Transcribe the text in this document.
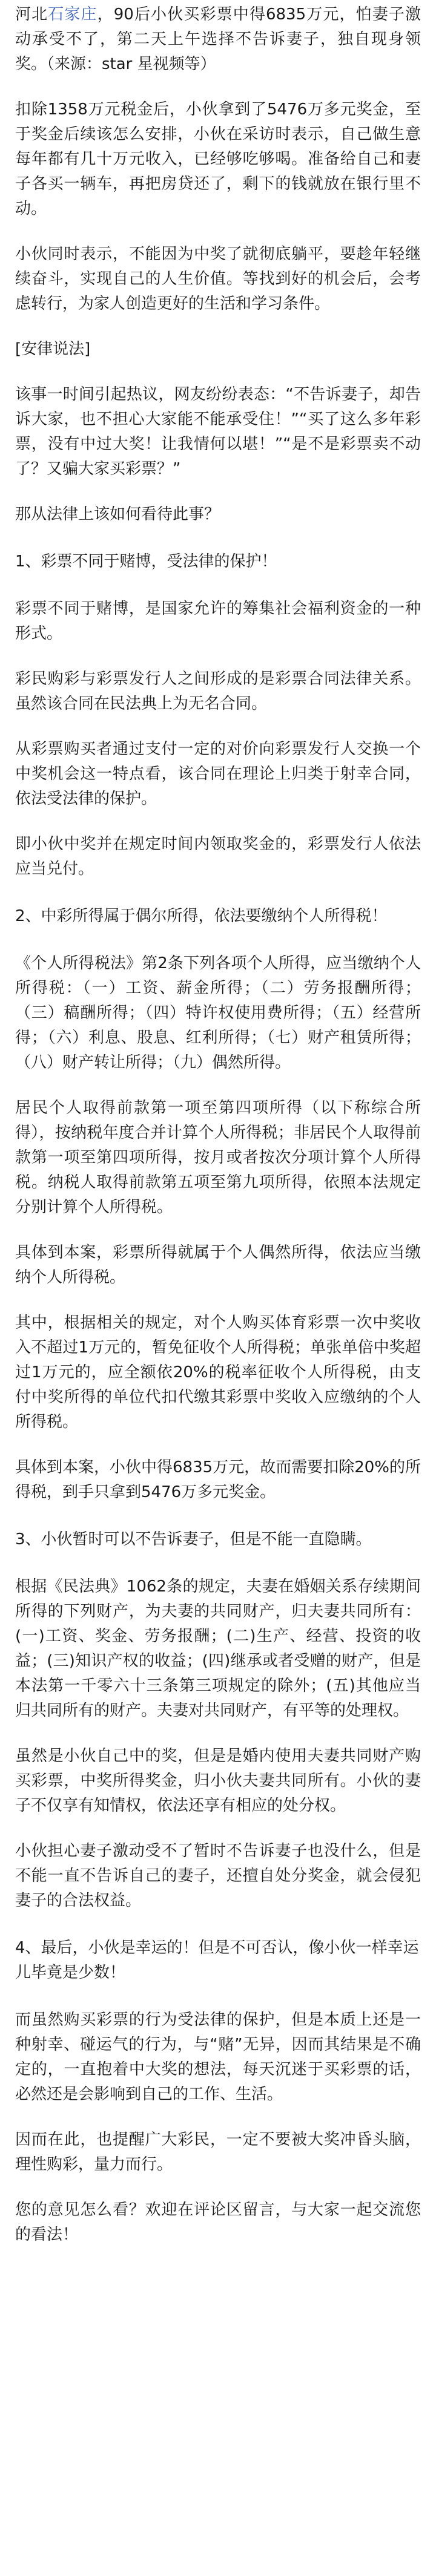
河北石家庄，90后小伙买彩票中得6835万元，怕妻子激动承受不了，第二天上午选择不告诉妻子，独自现身领奖。（来源：star 星视频等）

扣除1358万元税金后，小伙拿到了5476万多元奖金，至于奖金后续该怎么安排，小伙在采访时表示，自己做生意每年都有几十万元收入，已经够吃够喝。准备给自己和妻子各买一辆车，再把房贷还了，剩下的钱就放在银行里不动。

小伙同时表示，不能因为中奖了就彻底躺平，要趁年轻继续奋斗，实现自己的人生价值。等找到好的机会后，会考虑转行，为家人创造更好的生活和学习条件。

[安律说法]

该事一时间引起热议，网友纷纷表态：“不告诉妻子，却告诉大家，也不担心大家能不能承受住！”“买了这么多年彩票，没有中过大奖！让我情何以堪！”“是不是彩票卖不动了？又骗大家买彩票？”

那从法律上该如何看待此事？

1、彩票不同于赌博，受法律的保护！

彩票不同于赌博，是国家允许的筹集社会福利资金的一种形式。

彩民购彩与彩票发行人之间形成的是彩票合同法律关系。虽然该合同在民法典上为无名合同。

从彩票购买者通过支付一定的对价向彩票发行人交换一个中奖机会这一特点看，该合同在理论上归类于射幸合同，依法受法律的保护。

即小伙中奖并在规定时间内领取奖金的，彩票发行人依法应当兑付。

2、中彩所得属于偶尔所得，依法要缴纳个人所得税！

《个人所得税法》第2条下列各项个人所得，应当缴纳个人所得税：（一）工资、薪金所得；（二）劳务报酬所得；（三）稿酬所得；（四）特许权使用费所得；（五）经营所得；（六）利息、股息、红利所得；（七）财产租赁所得；（八）财产转让所得；（九）偶然所得。

居民个人取得前款第一项至第四项所得（以下称综合所得），按纳税年度合并计算个人所得税；非居民个人取得前款第一项至第四项所得，按月或者按次分项计算个人所得税。纳税人取得前款第五项至第九项所得，依照本法规定分别计算个人所得税。

具体到本案，彩票所得就属于个人偶然所得，依法应当缴纳个人所得税。

其中，根据相关的规定，对个人购买体育彩票一次中奖收入不超过1万元的，暂免征收个人所得税；单张单倍中奖超过1万元的，应全额依20%的税率征收个人所得税，由支付中奖所得的单位代扣代缴其彩票中奖收入应缴纳的个人所得税。

具体到本案，小伙中得6835万元，故而需要扣除20%的所得税，到手只拿到5476万多元奖金。

3、小伙暂时可以不告诉妻子，但是不能一直隐瞒。

根据《民法典》1062条的规定，夫妻在婚姻关系存续期间所得的下列财产，为夫妻的共同财产，归夫妻共同所有：(一)工资、奖金、劳务报酬；(二)生产、经营、投资的收益；(三)知识产权的收益；(四)继承或者受赠的财产，但是本法第一千零六十三条第三项规定的除外；(五)其他应当归共同所有的财产。夫妻对共同财产，有平等的处理权。

虽然是小伙自己中的奖，但是是婚内使用夫妻共同财产购买彩票，中奖所得奖金，归小伙夫妻共同所有。小伙的妻子不仅享有知情权，依法还享有相应的处分权。

小伙担心妻子激动受不了暂时不告诉妻子也没什么，但是不能一直不告诉自己的妻子，还擅自处分奖金，就会侵犯妻子的合法权益。

4、最后，小伙是幸运的！但是不可否认，像小伙一样幸运儿毕竟是少数！

而虽然购买彩票的行为受法律的保护，但是本质上还是一种射幸、碰运气的行为，与“赌”无异，因而其结果是不确定的，一直抱着中大奖的想法，每天沉迷于买彩票的话，必然还是会影响到自己的工作、生活。

因而在此，也提醒广大彩民，一定不要被大奖冲昏头脑，理性购彩，量力而行。

您的意见怎么看？欢迎在评论区留言，与大家一起交流您的看法！
